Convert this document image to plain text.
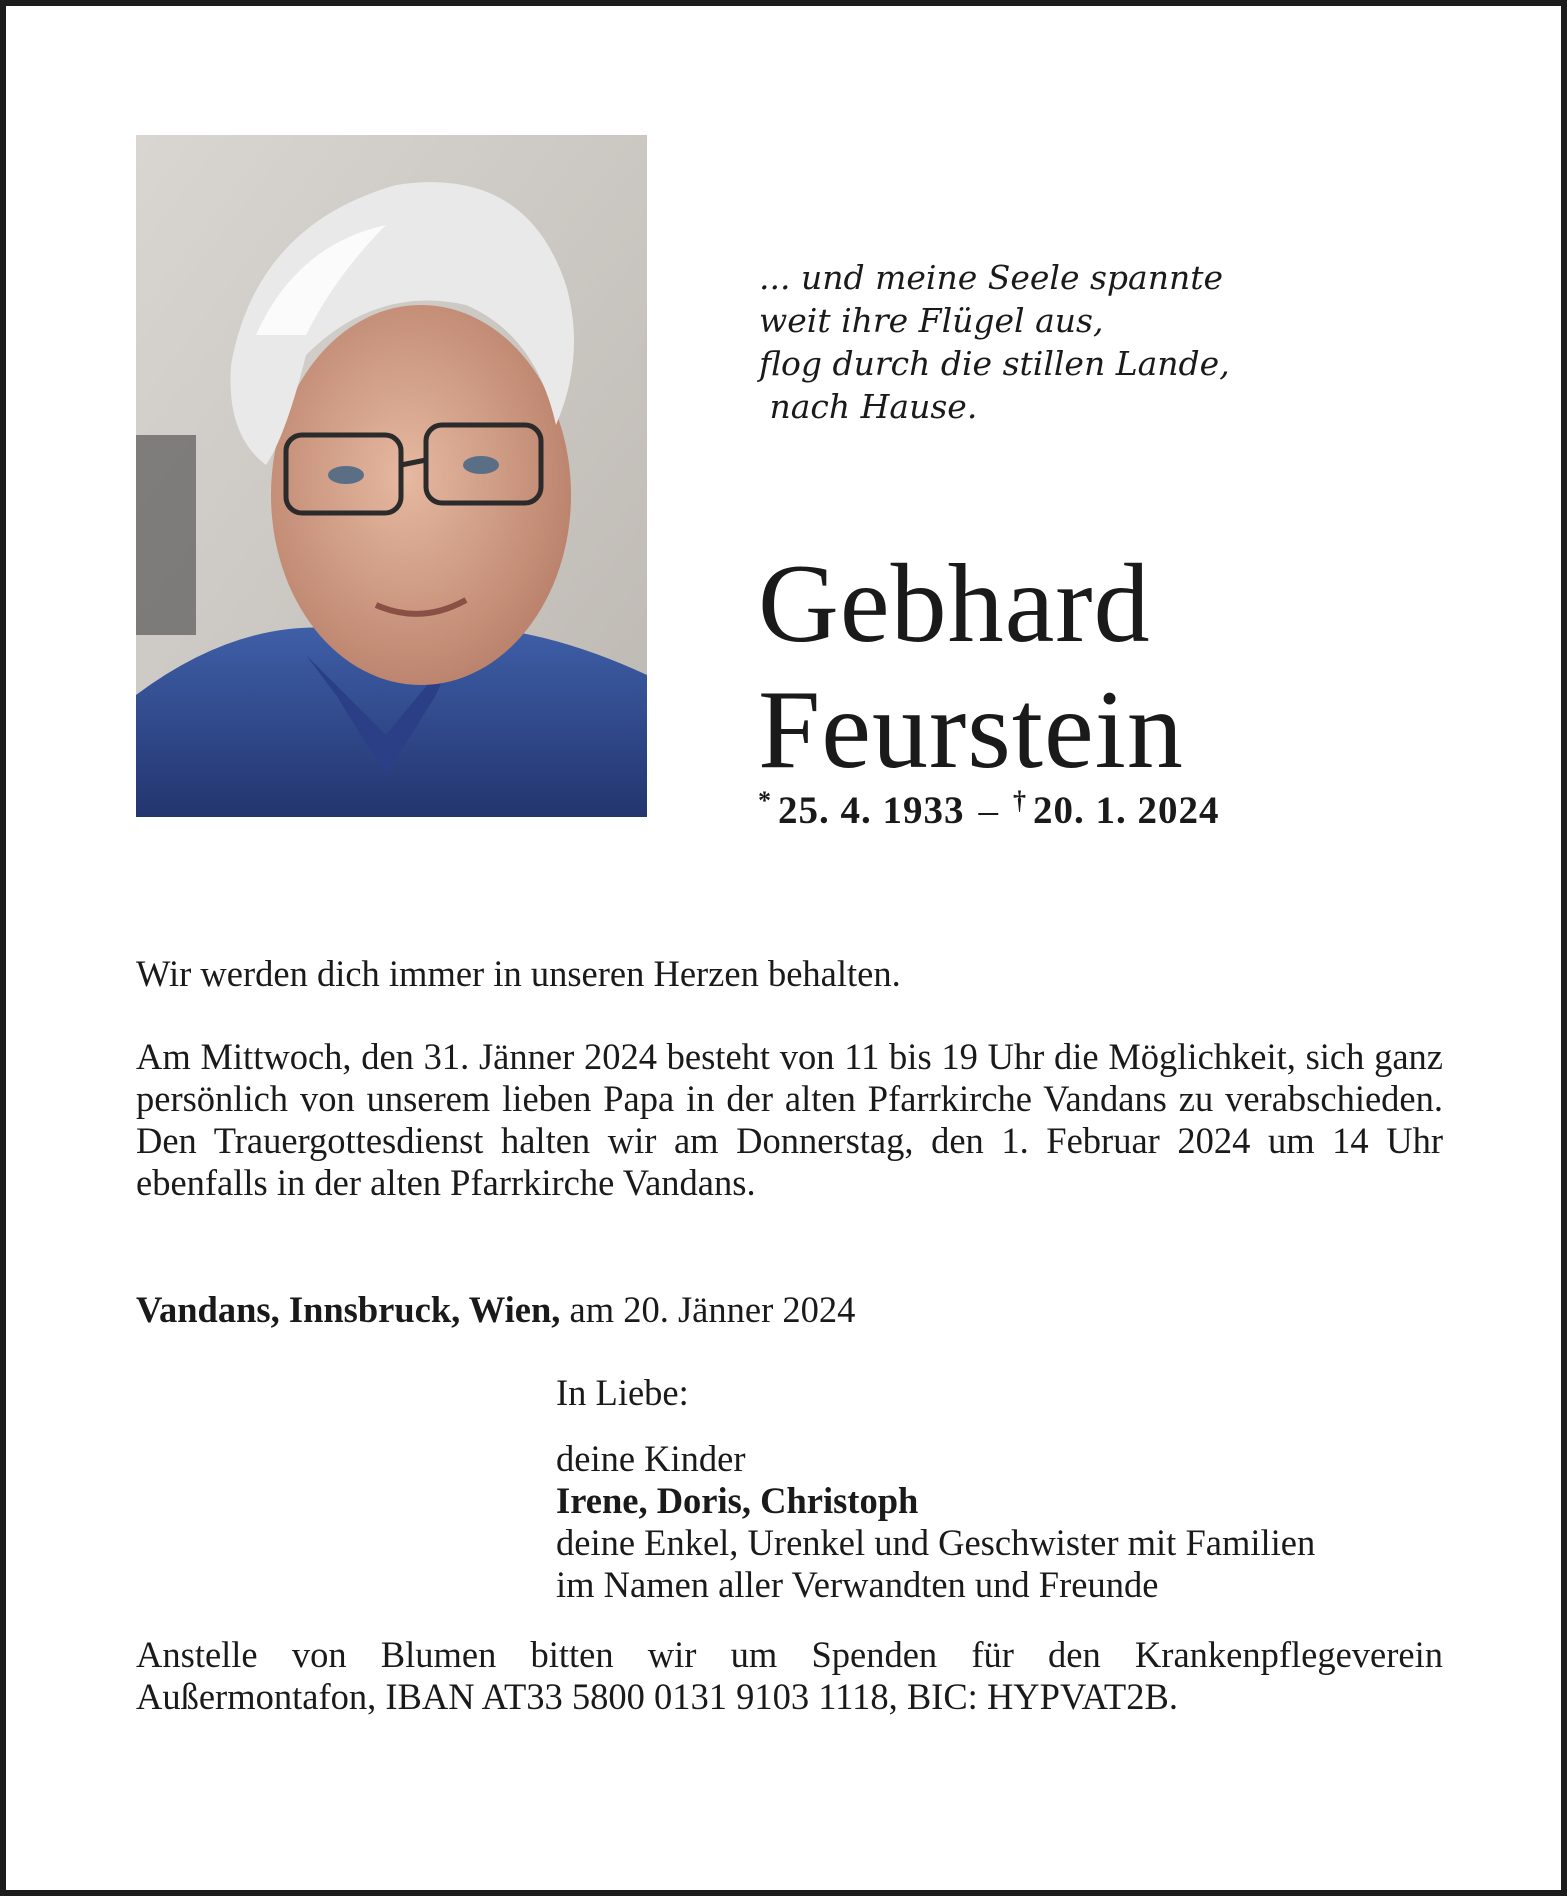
... und meine Seele spannte
weit ihre Flügel aus,
flog durch die stillen Lande,
nach Hause.
Gebhard
Feurstein
* 25. 4. 1933 – † 20. 1. 2024

Wir werden dich immer in unseren Herzen behalten.

Am Mittwoch, den 31. Jänner 2024 besteht von 11 bis 19 Uhr die Möglichkeit, sich ganz persönlich von unserem lieben Papa in der alten Pfarrkirche Vandans zu verabschieden. Den Trauergottesdienst halten wir am Donnerstag, den 1. Februar 2024 um 14 Uhr ebenfalls in der alten Pfarrkirche Vandans.

Vandans, Innsbruck, Wien, am 20. Jänner 2024

In Liebe:
deine Kinder
Irene, Doris, Christoph
deine Enkel, Urenkel und Geschwister mit Familien
im Namen aller Verwandten und Freunde

Anstelle von Blumen bitten wir um Spenden für den Krankenpflegeverein Außermontafon, IBAN AT33 5800 0131 9103 1118, BIC: HYPVAT2B.
